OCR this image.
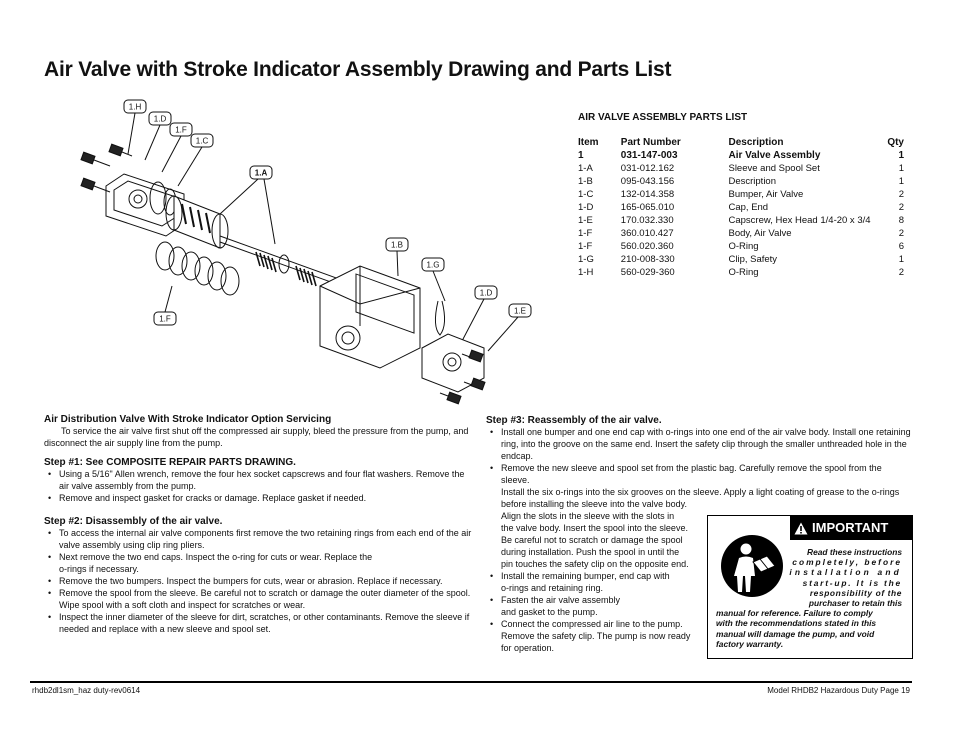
Air Valve with Stroke Indicator Assembly Drawing and Parts List
1.H
1.D
1.F
1.C
1.A
1.B
1.G
1.D
1.E
1.F
AIR VALVE ASSEMBLY PARTS LIST
Item	Part Number	Description	Qty
1	031-147-003	Air Valve Assembly	1
1-A	031-012.162	Sleeve and Spool Set	1
1-B	095-043.156	Description	1
1-C	132-014.358	Bumper, Air Valve	2
1-D	165-065.010	Cap, End	2
1-E	170.032.330	Capscrew, Hex Head 1/4-20 x 3/4	8
1-F	360.010.427	Body, Air Valve	2
1-F	560.020.360	O-Ring	6
1-G	210-008-330	Clip, Safety	1
1-H	560-029-360	O-Ring	2
Air Distribution Valve With Stroke Indicator Option Servicing
To service the air valve first shut off the compressed air supply, bleed the pressure from the pump, and
disconnect the air supply line from the pump.
Step #1: See COMPOSITE REPAIR PARTS DRAWING.
• Using a 5/16" Allen wrench, remove the four hex socket capscrews and four flat washers. Remove the
air valve assembly from the pump.
• Remove and inspect gasket for cracks or damage. Replace gasket if needed.
Step #2: Disassembly of the air valve.
• To access the internal air valve components first remove the two retaining rings from each end of the air
valve assembly using clip ring pliers.
• Next remove the two end caps. Inspect the o-ring for cuts or wear. Replace the
o-rings if necessary.
• Remove the two bumpers. Inspect the bumpers for cuts, wear or abrasion. Replace if necessary.
• Remove the spool from the sleeve. Be careful not to scratch or damage the outer diameter of the spool.
Wipe spool with a soft cloth and inspect for scratches or wear.
• Inspect the inner diameter of the sleeve for dirt, scratches, or other contaminants. Remove the sleeve if
needed and replace with a new sleeve and spool set.
Step #3: Reassembly of the air valve.
• Install one bumper and one end cap with o-rings into one end of the air valve body. Install one retaining
ring, into the groove on the same end. Insert the safety clip through the smaller unthreaded hole in the
endcap.
• Remove the new sleeve and spool set from the plastic bag. Carefully remove the spool from the sleeve.
Install the six o-rings into the six grooves on the sleeve. Apply a light coating of grease to the o-rings
before installing the sleeve into the valve body.
Align the slots in the sleeve with the slots in
the valve body. Insert the spool into the sleeve.
Be careful not to scratch or damage the spool
during installation. Push the spool in until the
pin touches the safety clip on the opposite end.
• Install the remaining bumper, end cap with
o-rings and retaining ring.
• Fasten the air valve assembly
and gasket to the pump.
• Connect the compressed air line to the pump.
Remove the safety clip. The pump is now ready
for operation.
IMPORTANT
Read these instructions
completely, before
installation and
start-up. It is the
responsibility of the
purchaser to retain this
manual for reference. Failure to comply
with the recommendations stated in this
manual will damage the pump, and void
factory warranty.
rhdb2dl1sm_haz duty-rev0614	Model RHDB2 Hazardous Duty Page 19
